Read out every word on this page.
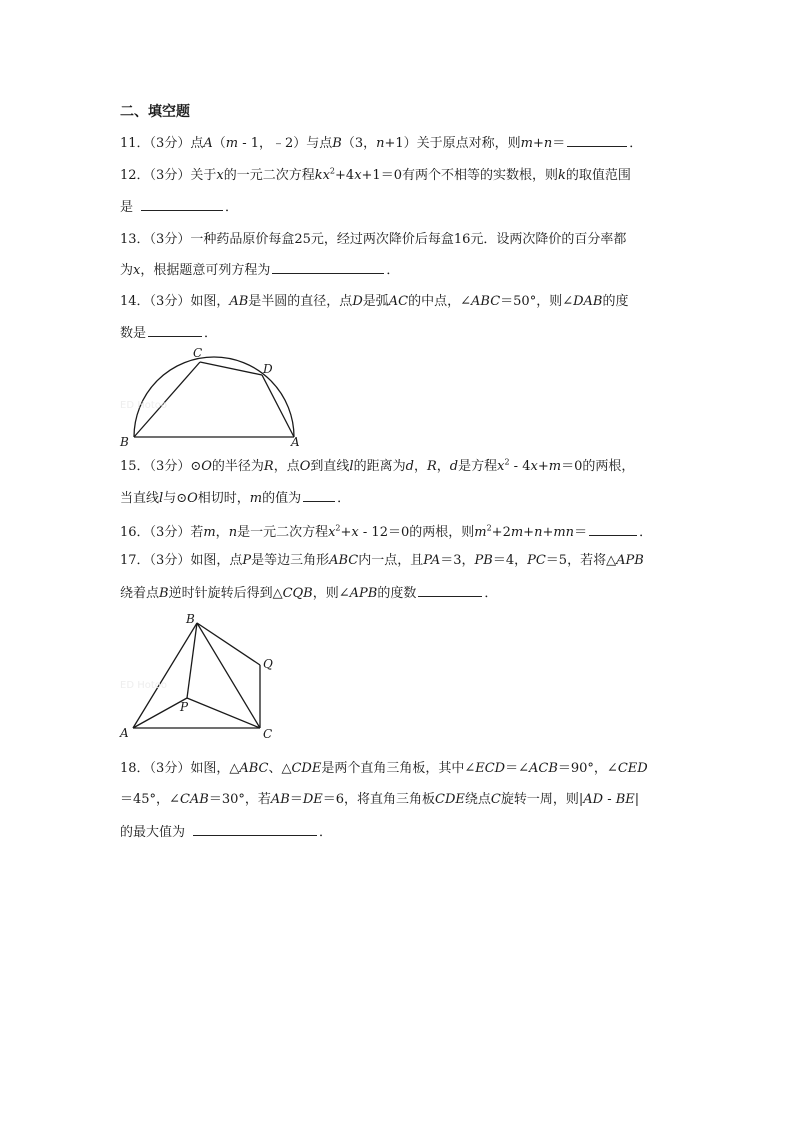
二、填空题
11．（3分）点A（m - 1，﹣2）与点B（3，n+1）关于原点对称，则m+n＝	．
12．（3分）关于x的一元二次方程$kx^2+4x+1=0$有两个不相等的实数根，则k的取值范围
是	．
13．（3分）一种药品原价每盒25元，经过两次降价后每盒16元．设两次降价的百分率都
为x，根据题意可列方程为	．
14．（3分）如图，AB是半圆的直径，点D是弧AC的中点，∠ABC＝50°，则∠DAB的度
数是	．
ED Hotoo
C
D
B	A
15．（3分）⊙O的半径为R，点O到直线l的距离为d，R，d是方程$x^2 - 4x+m=0$的两根，
当直线l与⊙O相切时，m的值为	．
16．（3分）若m，n是一元二次方程$x^2+x - 12=0$的两根，则$m^2+2m+n+mn=$	．
17．（3分）如图，点P是等边三角形ABC内一点，且PA＝3，PB＝4，PC＝5，若将△APB
绕着点B逆时针旋转后得到△CQB，则∠APB的度数	．
ED Hotoo
B
Q
P
A	C
18．（3分）如图，△ABC、△CDE是两个直角三角板，其中∠ECD＝∠ACB＝90°，∠CED
＝45°，∠CAB＝30°，若AB＝DE＝6，将直角三角板CDE绕点C旋转一周，则|AD - BE|
的最大值为	．
